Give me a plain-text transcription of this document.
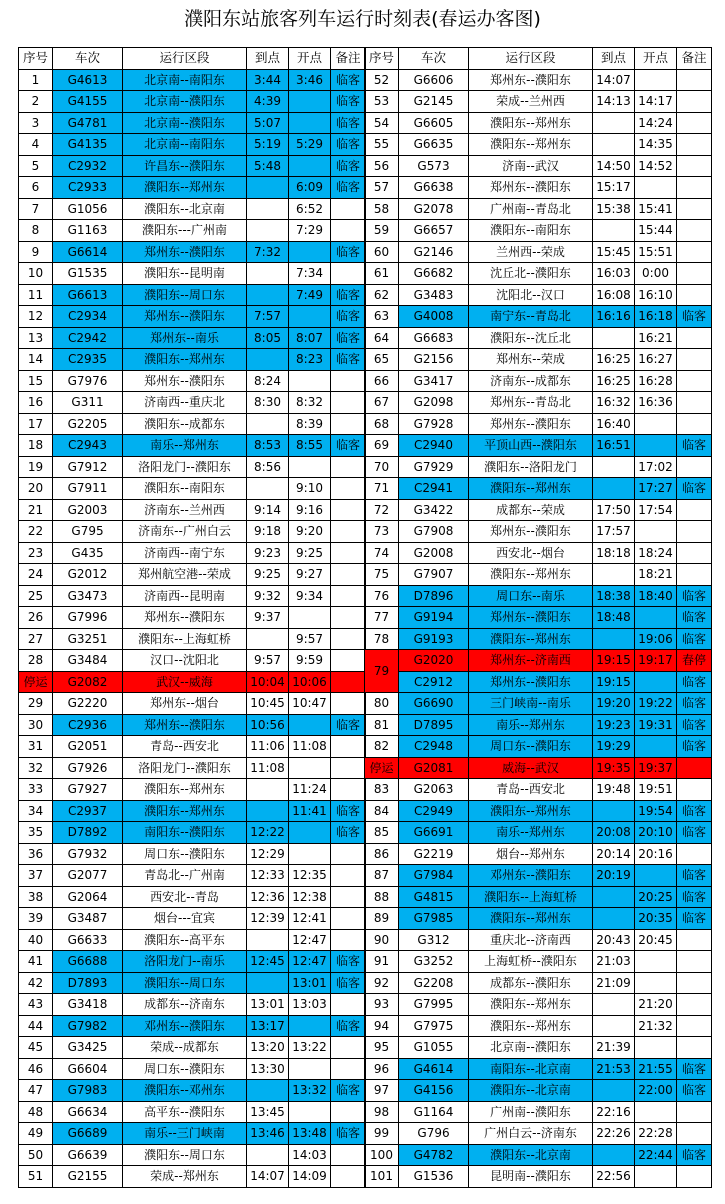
濮阳东站旅客列车运行时刻表(春运办客图)
序号	车次	运行区段	到点	开点	备注
1	G4613	北京南--南阳东	3:44	3:46	临客
2	G4155	北京南--濮阳东	4:39		临客
3	G4781	北京南--濮阳东	5:07		临客
4	G4135	北京南--南阳东	5:19	5:29	临客
5	C2932	许昌东--濮阳东	5:48		临客
6	C2933	濮阳东--郑州东		6:09	临客
7	G1056	濮阳东--北京南		6:52	
8	G1163	濮阳东---广州南		7:29	
9	G6614	郑州东--濮阳东	7:32		临客
10	G1535	濮阳东--昆明南		7:34	
11	G6613	濮阳东--周口东		7:49	临客
12	C2934	郑州东--濮阳东	7:57		临客
13	C2942	郑州东--南乐	8:05	8:07	临客
14	C2935	濮阳东--郑州东		8:23	临客
15	G7976	郑州东--濮阳东	8:24		
16	G311	济南西--重庆北	8:30	8:32	
17	G2205	濮阳东--成都东		8:39	
18	C2943	南乐--郑州东	8:53	8:55	临客
19	G7912	洛阳龙门--濮阳东	8:56		
20	G7911	濮阳东--南阳东		9:10	
21	G2003	济南东--兰州西	9:14	9:16	
22	G795	济南东--广州白云	9:18	9:20	
23	G435	济南西--南宁东	9:23	9:25	
24	G2012	郑州航空港--荣成	9:25	9:27	
25	G3473	济南西--昆明南	9:32	9:34	
26	G7996	郑州东--濮阳东	9:37		
27	G3251	濮阳东--上海虹桥		9:57	
28	G3484	汉口--沈阳北	9:57	9:59	
停运	G2082	武汉--威海	10:04	10:06	
29	G2220	郑州东--烟台	10:45	10:47	
30	C2936	郑州东--濮阳东	10:56		临客
31	G2051	青岛--西安北	11:06	11:08	
32	G7926	洛阳龙门--濮阳东	11:08		
33	G7927	濮阳东--郑州东		11:24	
34	C2937	濮阳东--郑州东		11:41	临客
35	D7892	南阳东--濮阳东	12:22		临客
36	G7932	周口东--濮阳东	12:29		
37	G2077	青岛北--广州南	12:33	12:35	
38	G2064	西安北--青岛	12:36	12:38	
39	G3487	烟台---宜宾	12:39	12:41	
40	G6633	濮阳东--高平东		12:47	
41	G6688	洛阳龙门--南乐	12:45	12:47	临客
42	D7893	濮阳东--周口东		13:01	临客
43	G3418	成都东--济南东	13:01	13:03	
44	G7982	邓州东--濮阳东	13:17		临客
45	G3425	荣成--成都东	13:20	13:22	
46	G6604	周口东--濮阳东	13:30		
47	G7983	濮阳东--邓州东		13:32	临客
48	G6634	高平东--濮阳东	13:45		
49	G6689	南乐--三门峡南	13:46	13:48	临客
50	G6639	濮阳东--周口东		14:03	
51	G2155	荣成--郑州东	14:07	14:09	
序号	车次	运行区段	到点	开点	备注
52	G6606	郑州东--濮阳东	14:07		
53	G2145	荣成--兰州西	14:13	14:17	
54	G6605	濮阳东--郑州东		14:24	
55	G6635	濮阳东--郑州东		14:35	
56	G573	济南--武汉	14:50	14:52	
57	G6638	郑州东--濮阳东	15:17		
58	G2078	广州南--青岛北	15:38	15:41	
59	G6657	濮阳东--南阳东		15:44	
60	G2146	兰州西--荣成	15:45	15:51	
61	G6682	沈丘北--濮阳东	16:03	0:00	
62	G3483	沈阳北--汉口	16:08	16:10	
63	G4008	南宁东--青岛北	16:16	16:18	临客
64	G6683	濮阳东--沈丘北		16:21	
65	G2156	郑州东--荣成	16:25	16:27	
66	G3417	济南东--成都东	16:25	16:28	
67	G2098	郑州东--青岛北	16:32	16:36	
68	G7928	郑州东--濮阳东	16:40		
69	C2940	平顶山西--濮阳东	16:51		临客
70	G7929	濮阳东--洛阳龙门		17:02	
71	C2941	濮阳东--郑州东		17:27	临客
72	G3422	成都东--荣成	17:50	17:54	
73	G7908	郑州东--濮阳东	17:57		
74	G2008	西安北--烟台	18:18	18:24	
75	G7907	濮阳东--郑州东		18:21	
76	D7896	周口东--南乐	18:38	18:40	临客
77	G9194	郑州东--濮阳东	18:48		临客
78	G9193	濮阳东--郑州东		19:06	临客
79	G2020	郑州东--济南西	19:15	19:17	春停
	C2912	郑州东--濮阳东	19:15		临客
80	G6690	三门峡南--南乐	19:20	19:22	临客
81	D7895	南乐--郑州东	19:23	19:31	临客
82	C2948	周口东--濮阳东	19:29		临客
停运	G2081	威海--武汉	19:35	19:37	
83	G2063	青岛--西安北	19:48	19:51	
84	C2949	濮阳东--郑州东		19:54	临客
85	G6691	南乐--郑州东	20:08	20:10	临客
86	G2219	烟台--郑州东	20:14	20:16	
87	G7984	邓州东--濮阳东	20:19		临客
88	G4815	濮阳东--上海虹桥		20:25	临客
89	G7985	濮阳东--郑州东		20:35	临客
90	G312	重庆北--济南西	20:43	20:45	
91	G3252	上海虹桥--濮阳东	21:03		
92	G2208	成都东--濮阳东	21:09		
93	G7995	濮阳东--郑州东		21:20	
94	G7975	濮阳东--郑州东		21:32	
95	G1055	北京南--濮阳东	21:39		
96	G4614	南阳东--北京南	21:53	21:55	临客
97	G4156	濮阳东--北京南		22:00	临客
98	G1164	广州南--濮阳东	22:16		
99	G796	广州白云--济南东	22:26	22:28	
100	G4782	濮阳东--北京南		22:44	临客
101	G1536	昆明南--濮阳东	22:56		
